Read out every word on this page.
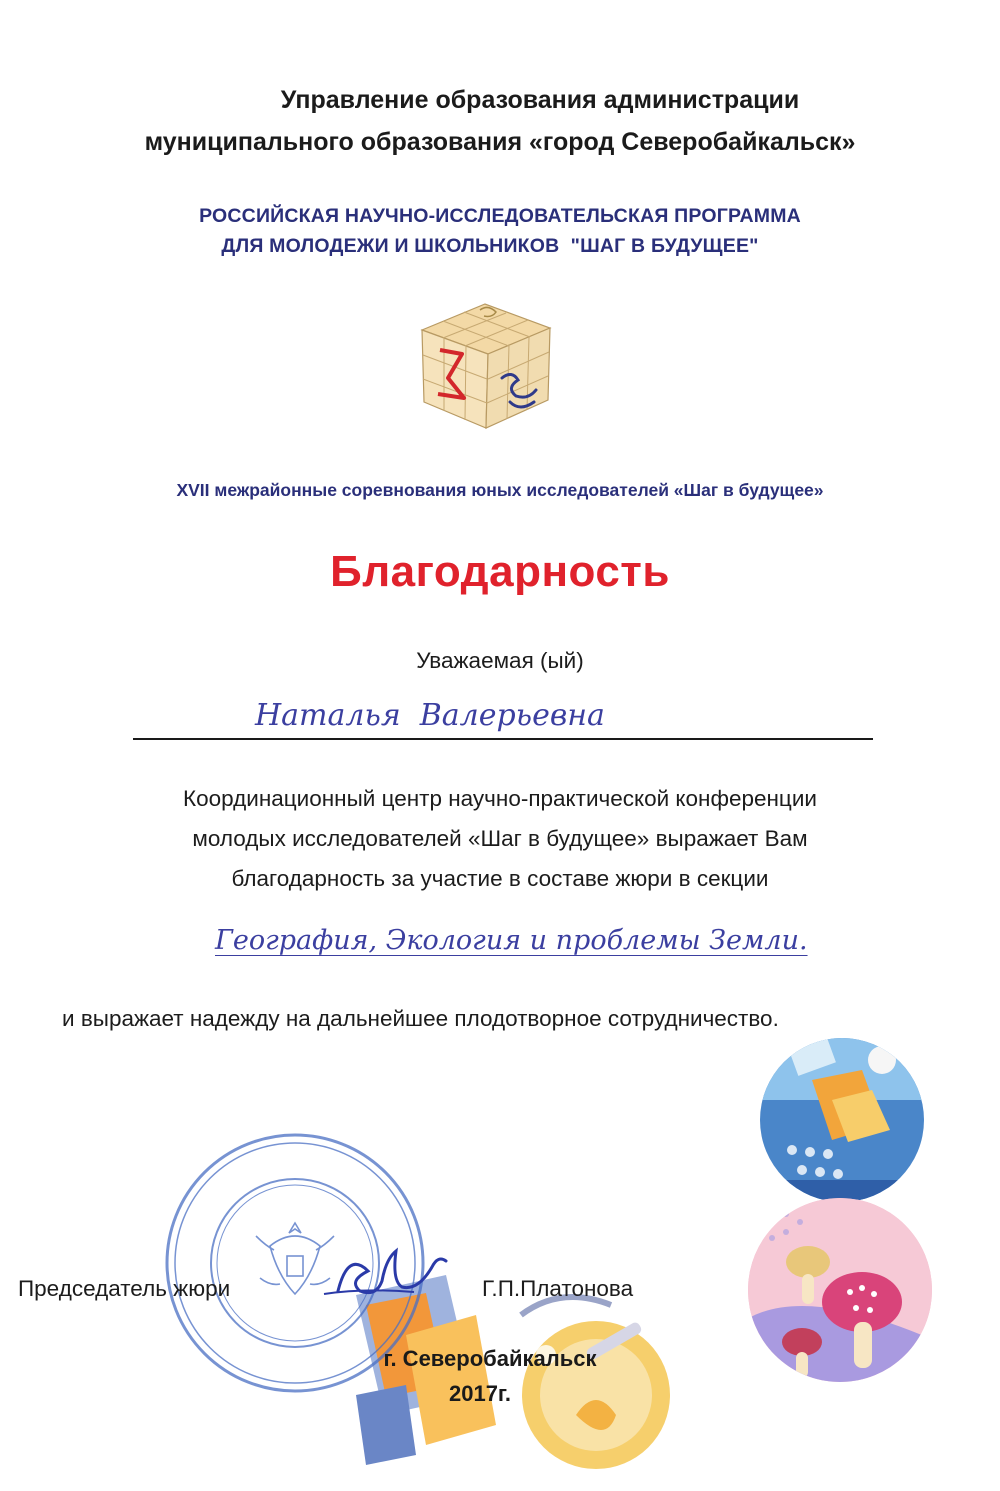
Управление образования администрации
муниципального образования «город Северобайкальск»
РОССИЙСКАЯ НАУЧНО-ИССЛЕДОВАТЕЛЬСКАЯ ПРОГРАММА
ДЛЯ МОЛОДЕЖИ И ШКОЛЬНИКОВ  "ШАГ В БУДУЩЕЕ"
XVII межрайонные соревнования юных исследователей «Шаг в будущее»
Благодарность
Уважаемая (ый)
Наталья  Валерьевна
Координационный центр научно-практической конференции
молодых исследователей «Шаг в будущее» выражает Вам
благодарность за участие в составе жюри в секции
География, Экология и проблемы Земли.
и выражает надежду на дальнейшее плодотворное сотрудничество.
Председатель жюри	Г.П.Платонова
г. Северобайкальск
2017г.
